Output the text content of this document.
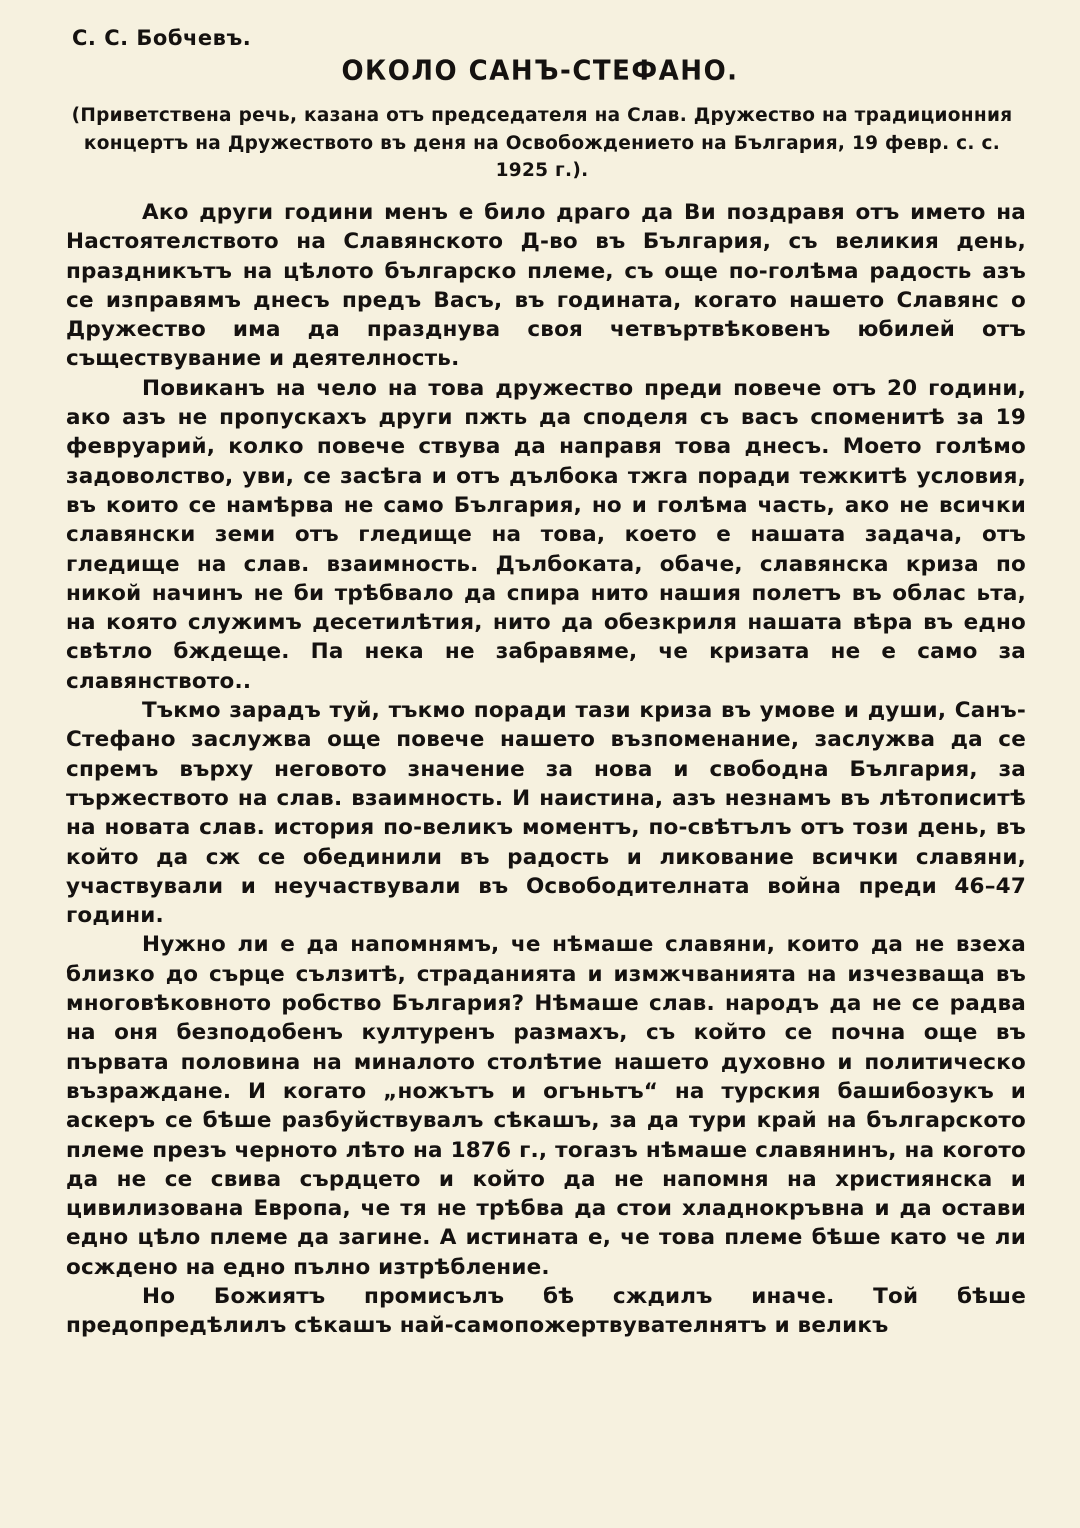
С. С. Бобчевъ.
ОКОЛО САНЪ-СТЕФАНО.
(Приветствена речь, казана отъ председателя на Слав. Дружество на традиционния концертъ на Дружеството въ деня на Освобождението на България, 19 февр. с. с. 1925 г.).

Ако други години менъ е било драго да Ви поздравя отъ името на Настоятелството на Славянското Д-во въ България, съ великия день, праздникътъ на цѣлото българско племе, съ още по-голѣма радость азъ се изправямъ днесъ предъ Васъ, въ годината, когато нашето Славянс о Дружество има да празднува своя четвъртвѣковенъ юбилей отъ съществувание и деятелность.

Повиканъ на чело на това дружество преди повече отъ 20 години, ако азъ не пропускахъ други пжть да споделя съ васъ споменитѣ за 19 февруарий, колко повече ствува да направя това днесъ. Моето голѣмо задоволство, уви, се засѣга и отъ дълбока тжга поради тежкитѣ условия, въ които се намѣрва не само България, но и голѣма часть, ако не всички славянски земи отъ гледище на това, което е нашата задача, отъ гледище на слав. взаимность. Дълбоката, обаче, славянска криза по никой начинъ не би трѣбвало да спира нито нашия полетъ въ облас ьта, на която служимъ десетилѣтия, нито да обезкриля нашата вѣра въ едно свѣтло бждеще. Па нека не забравяме, че кризата не е само за славянството..

Тъкмо зарадъ туй, тъкмо поради тази криза въ умове и души, Санъ-Стефано заслужва още повече нашето възпоменание, заслужва да се спремъ върху неговото значение за нова и свободна България, за тържеството на слав. взаимность. И наистина, азъ незнамъ въ лѣтописитѣ на новата слав. история по-великъ моментъ, по-свѣтълъ отъ този день, въ който да сж се обединили въ радость и ликование всички славяни, участвували и неучаствували въ Освободителната война преди 46–47 години.

Нужно ли е да напомнямъ, че нѣмаше славяни, които да не взеха близко до сърце сълзитѣ, страданията и измжчванията на изчезваща въ многовѣковното робство България? Нѣмаше слав. народъ да не се радва на оня безподобенъ културенъ размахъ, съ който се почна още въ първата половина на миналото столѣтие нашето духовно и политическо възраждане. И когато „ножътъ и огъньтъ“ на турския башибозукъ и аскеръ се бѣше разбуйствувалъ сѣкашъ, за да тури край на българското племе презъ черното лѣто на 1876 г., тогазъ нѣмаше славянинъ, на когото да не се свива сърдцето и който да не напомня на християнска и цивилизована Европа, че тя не трѣбва да стои хладнокръвна и да остави едно цѣло племе да загине. А истината е, че това племе бѣше като че ли осждено на едно пълно изтрѣбление.

Но Божиятъ промисълъ бѣ сждилъ иначе. Той бѣше предопредѣлилъ сѣкашъ най-самопожертвувателнятъ и великъ
